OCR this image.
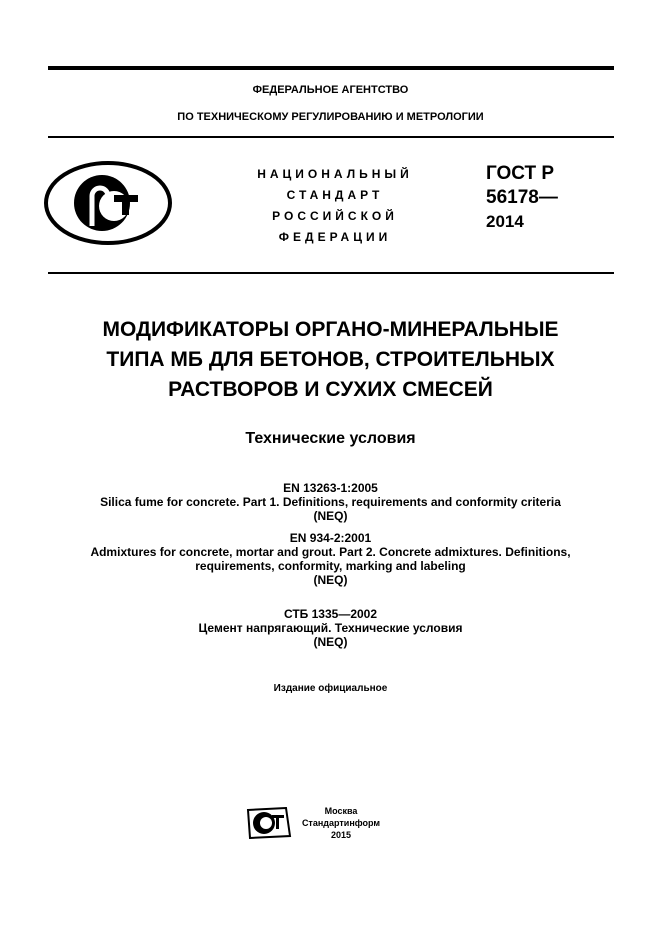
ФЕДЕРАЛЬНОЕ АГЕНТСТВО
ПО ТЕХНИЧЕСКОМУ РЕГУЛИРОВАНИЮ И МЕТРОЛОГИИ
НАЦИОНАЛЬНЫЙ
СТАНДАРТ
РОССИЙСКОЙ
ФЕДЕРАЦИИ
ГОСТ Р
56178—
2014
МОДИФИКАТОРЫ ОРГАНО-МИНЕРАЛЬНЫЕ
ТИПА МБ ДЛЯ БЕТОНОВ, СТРОИТЕЛЬНЫХ
РАСТВОРОВ И СУХИХ СМЕСЕЙ
Технические условия
EN 13263-1:2005
Silica fume for concrete. Part 1. Definitions, requirements and conformity criteria
(NEQ)
EN 934-2:2001
Admixtures for concrete, mortar and grout. Part 2. Concrete admixtures. Definitions,
requirements, conformity, marking and labeling
(NEQ)
СТБ 1335—2002
Цемент напрягающий. Технические условия
(NEQ)
Издание официальное
Москва
Стандартинформ
2015
